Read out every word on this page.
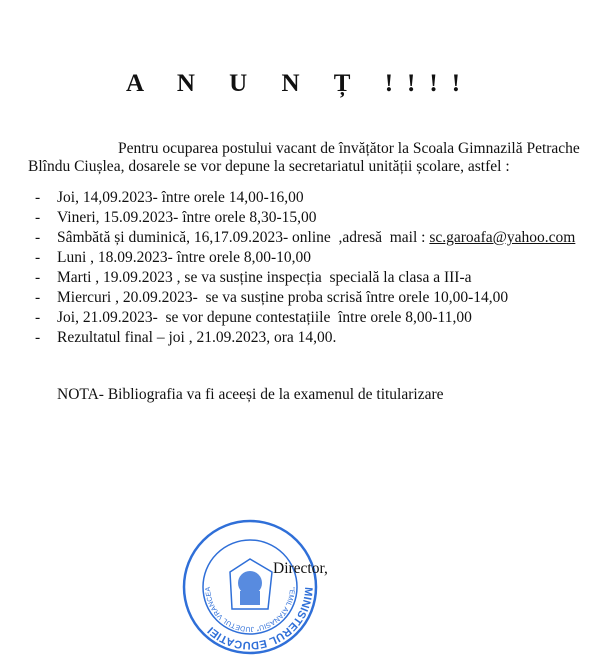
A N U N Ț !!!!
Pentru ocuparea postului vacant de învățător la Scoala Gimnazilă Petrache
Blîndu Ciușlea, dosarele se vor depune la secretariatul unității școlare, astfel :
- Joi, 14,09.2023- între orele 14,00-16,00
- Vineri, 15.09.2023- între orele 8,30-15,00
- Sâmbătă și duminică, 16,17.09.2023- online  ,adresă  mail : sc.garoafa@yahoo.com
- Luni , 18.09.2023- între orele 8,00-10,00
- Marti , 19.09.2023 , se va susține inspecția  specială la clasa a III-a
- Miercuri , 20.09.2023-  se va susține proba scrisă între orele 10,00-14,00
- Joi, 21.09.2023-  se vor depune contestațiile  între orele 8,00-11,00
- Rezultatul final – joi , 21.09.2023, ora 14,00.
NOTA- Bibliografia va fi aceeși de la examenul de titularizare
MINISTERUL EDUCATIEI
"EMIL ATANASIU" JUDETUL VRANCEA
Director,
